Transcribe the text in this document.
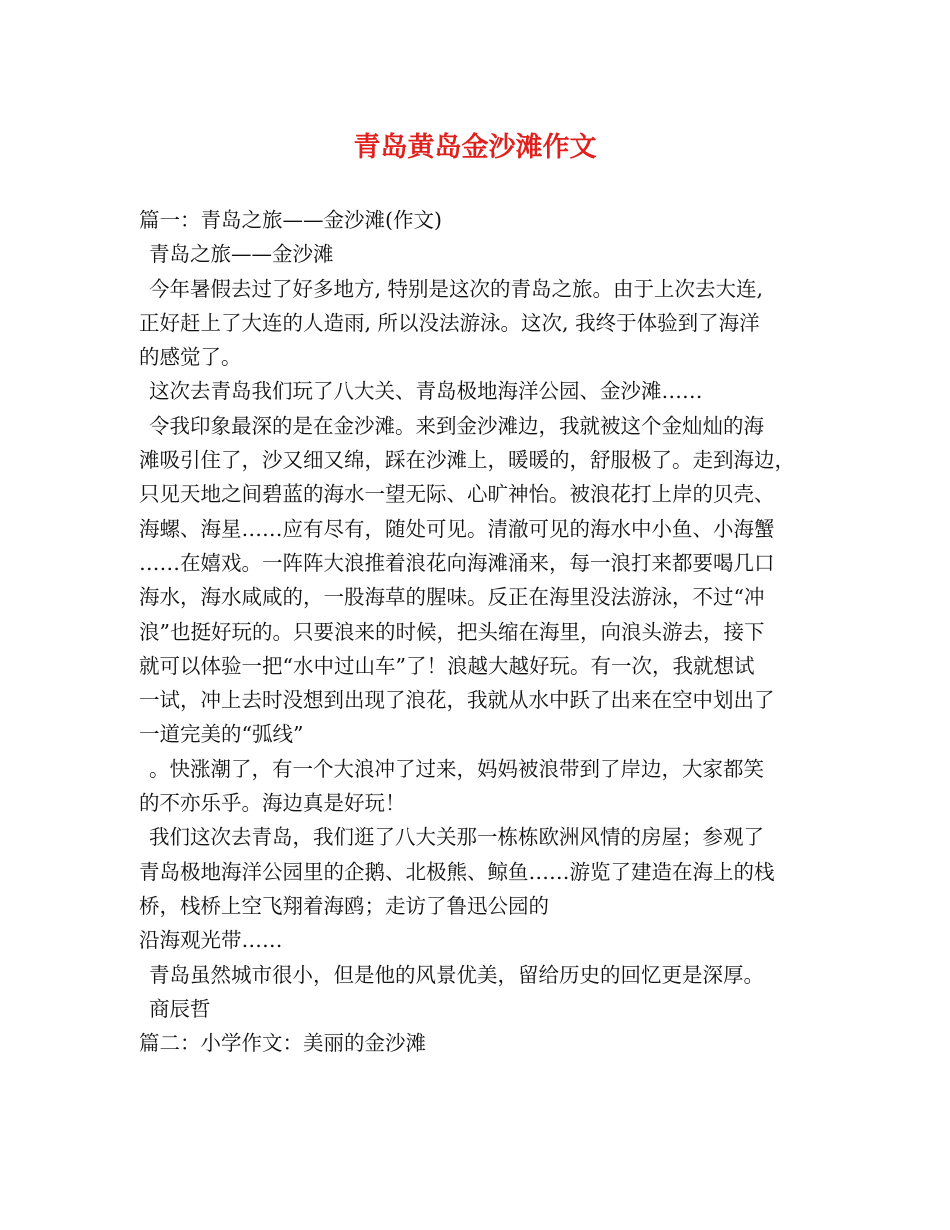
青岛黄岛金沙滩作文
篇一：青岛之旅——金沙滩(作文)
青岛之旅——金沙滩
今年暑假去过了好多地方, 特别是这次的青岛之旅。由于上次去大连,
正好赶上了大连的人造雨, 所以没法游泳。这次, 我终于体验到了海洋
的感觉了。
这次去青岛我们玩了八大关、青岛极地海洋公园、金沙滩……
令我印象最深的是在金沙滩。来到金沙滩边，我就被这个金灿灿的海
滩吸引住了，沙又细又绵，踩在沙滩上，暖暖的，舒服极了。走到海边，
只见天地之间碧蓝的海水一望无际、心旷神怡。被浪花打上岸的贝壳、
海螺、海星……应有尽有，随处可见。清澈可见的海水中小鱼、小海蟹
……在嬉戏。一阵阵大浪推着浪花向海滩涌来，每一浪打来都要喝几口
海水，海水咸咸的，一股海草的腥味。反正在海里没法游泳，不过“冲
浪”也挺好玩的。只要浪来的时候，把头缩在海里，向浪头游去，接下
就可以体验一把“水中过山车”了！浪越大越好玩。有一次，我就想试
一试，冲上去时没想到出现了浪花，我就从水中跃了出来在空中划出了
一道完美的“弧线”
。快涨潮了，有一个大浪冲了过来，妈妈被浪带到了岸边，大家都笑
的不亦乐乎。海边真是好玩！
我们这次去青岛，我们逛了八大关那一栋栋欧洲风情的房屋；参观了
青岛极地海洋公园里的企鹅、北极熊、鲸鱼……游览了建造在海上的栈
桥，栈桥上空飞翔着海鸥；走访了鲁迅公园的
沿海观光带……
青岛虽然城市很小，但是他的风景优美，留给历史的回忆更是深厚。
商辰哲
篇二：小学作文：美丽的金沙滩
